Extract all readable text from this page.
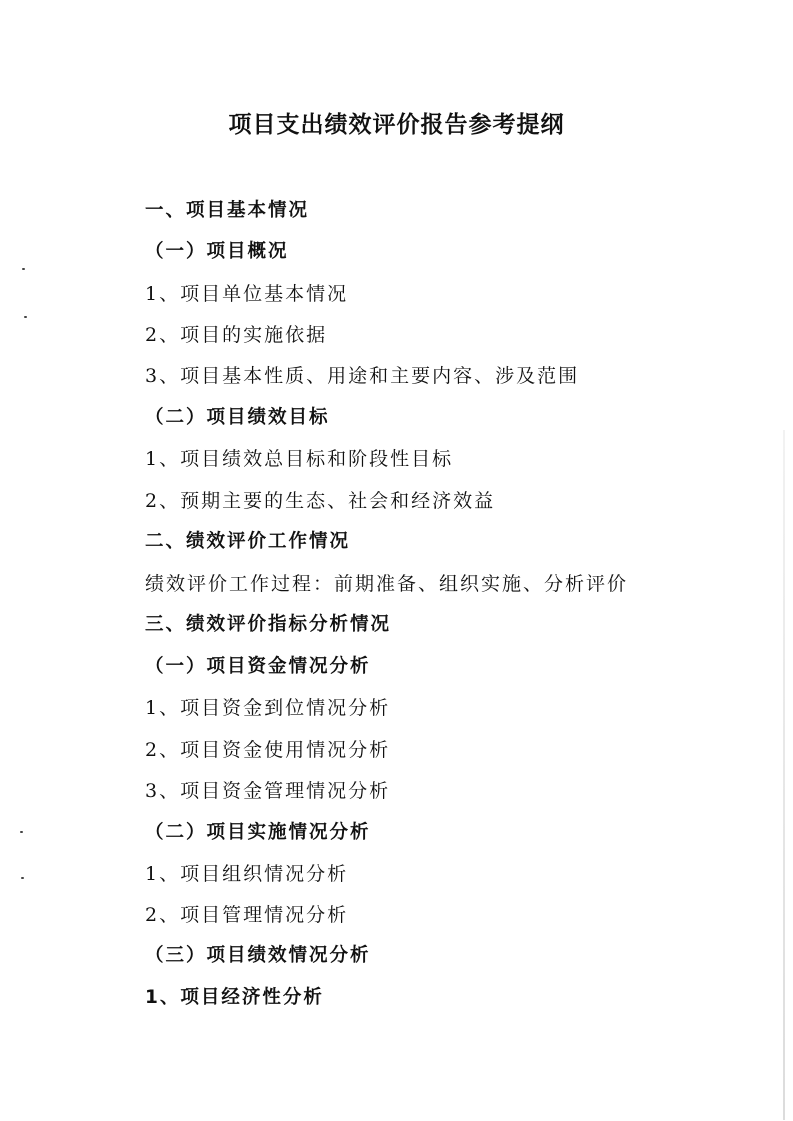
项目支出绩效评价报告参考提纲
一、项目基本情况
（一）项目概况
1、项目单位基本情况
2、项目的实施依据
3、项目基本性质、用途和主要内容、涉及范围
（二）项目绩效目标
1、项目绩效总目标和阶段性目标
2、预期主要的生态、社会和经济效益
二、绩效评价工作情况
绩效评价工作过程：前期准备、组织实施、分析评价
三、绩效评价指标分析情况
（一）项目资金情况分析
1、项目资金到位情况分析
2、项目资金使用情况分析
3、项目资金管理情况分析
（二）项目实施情况分析
1、项目组织情况分析
2、项目管理情况分析
（三）项目绩效情况分析
1、项目经济性分析
